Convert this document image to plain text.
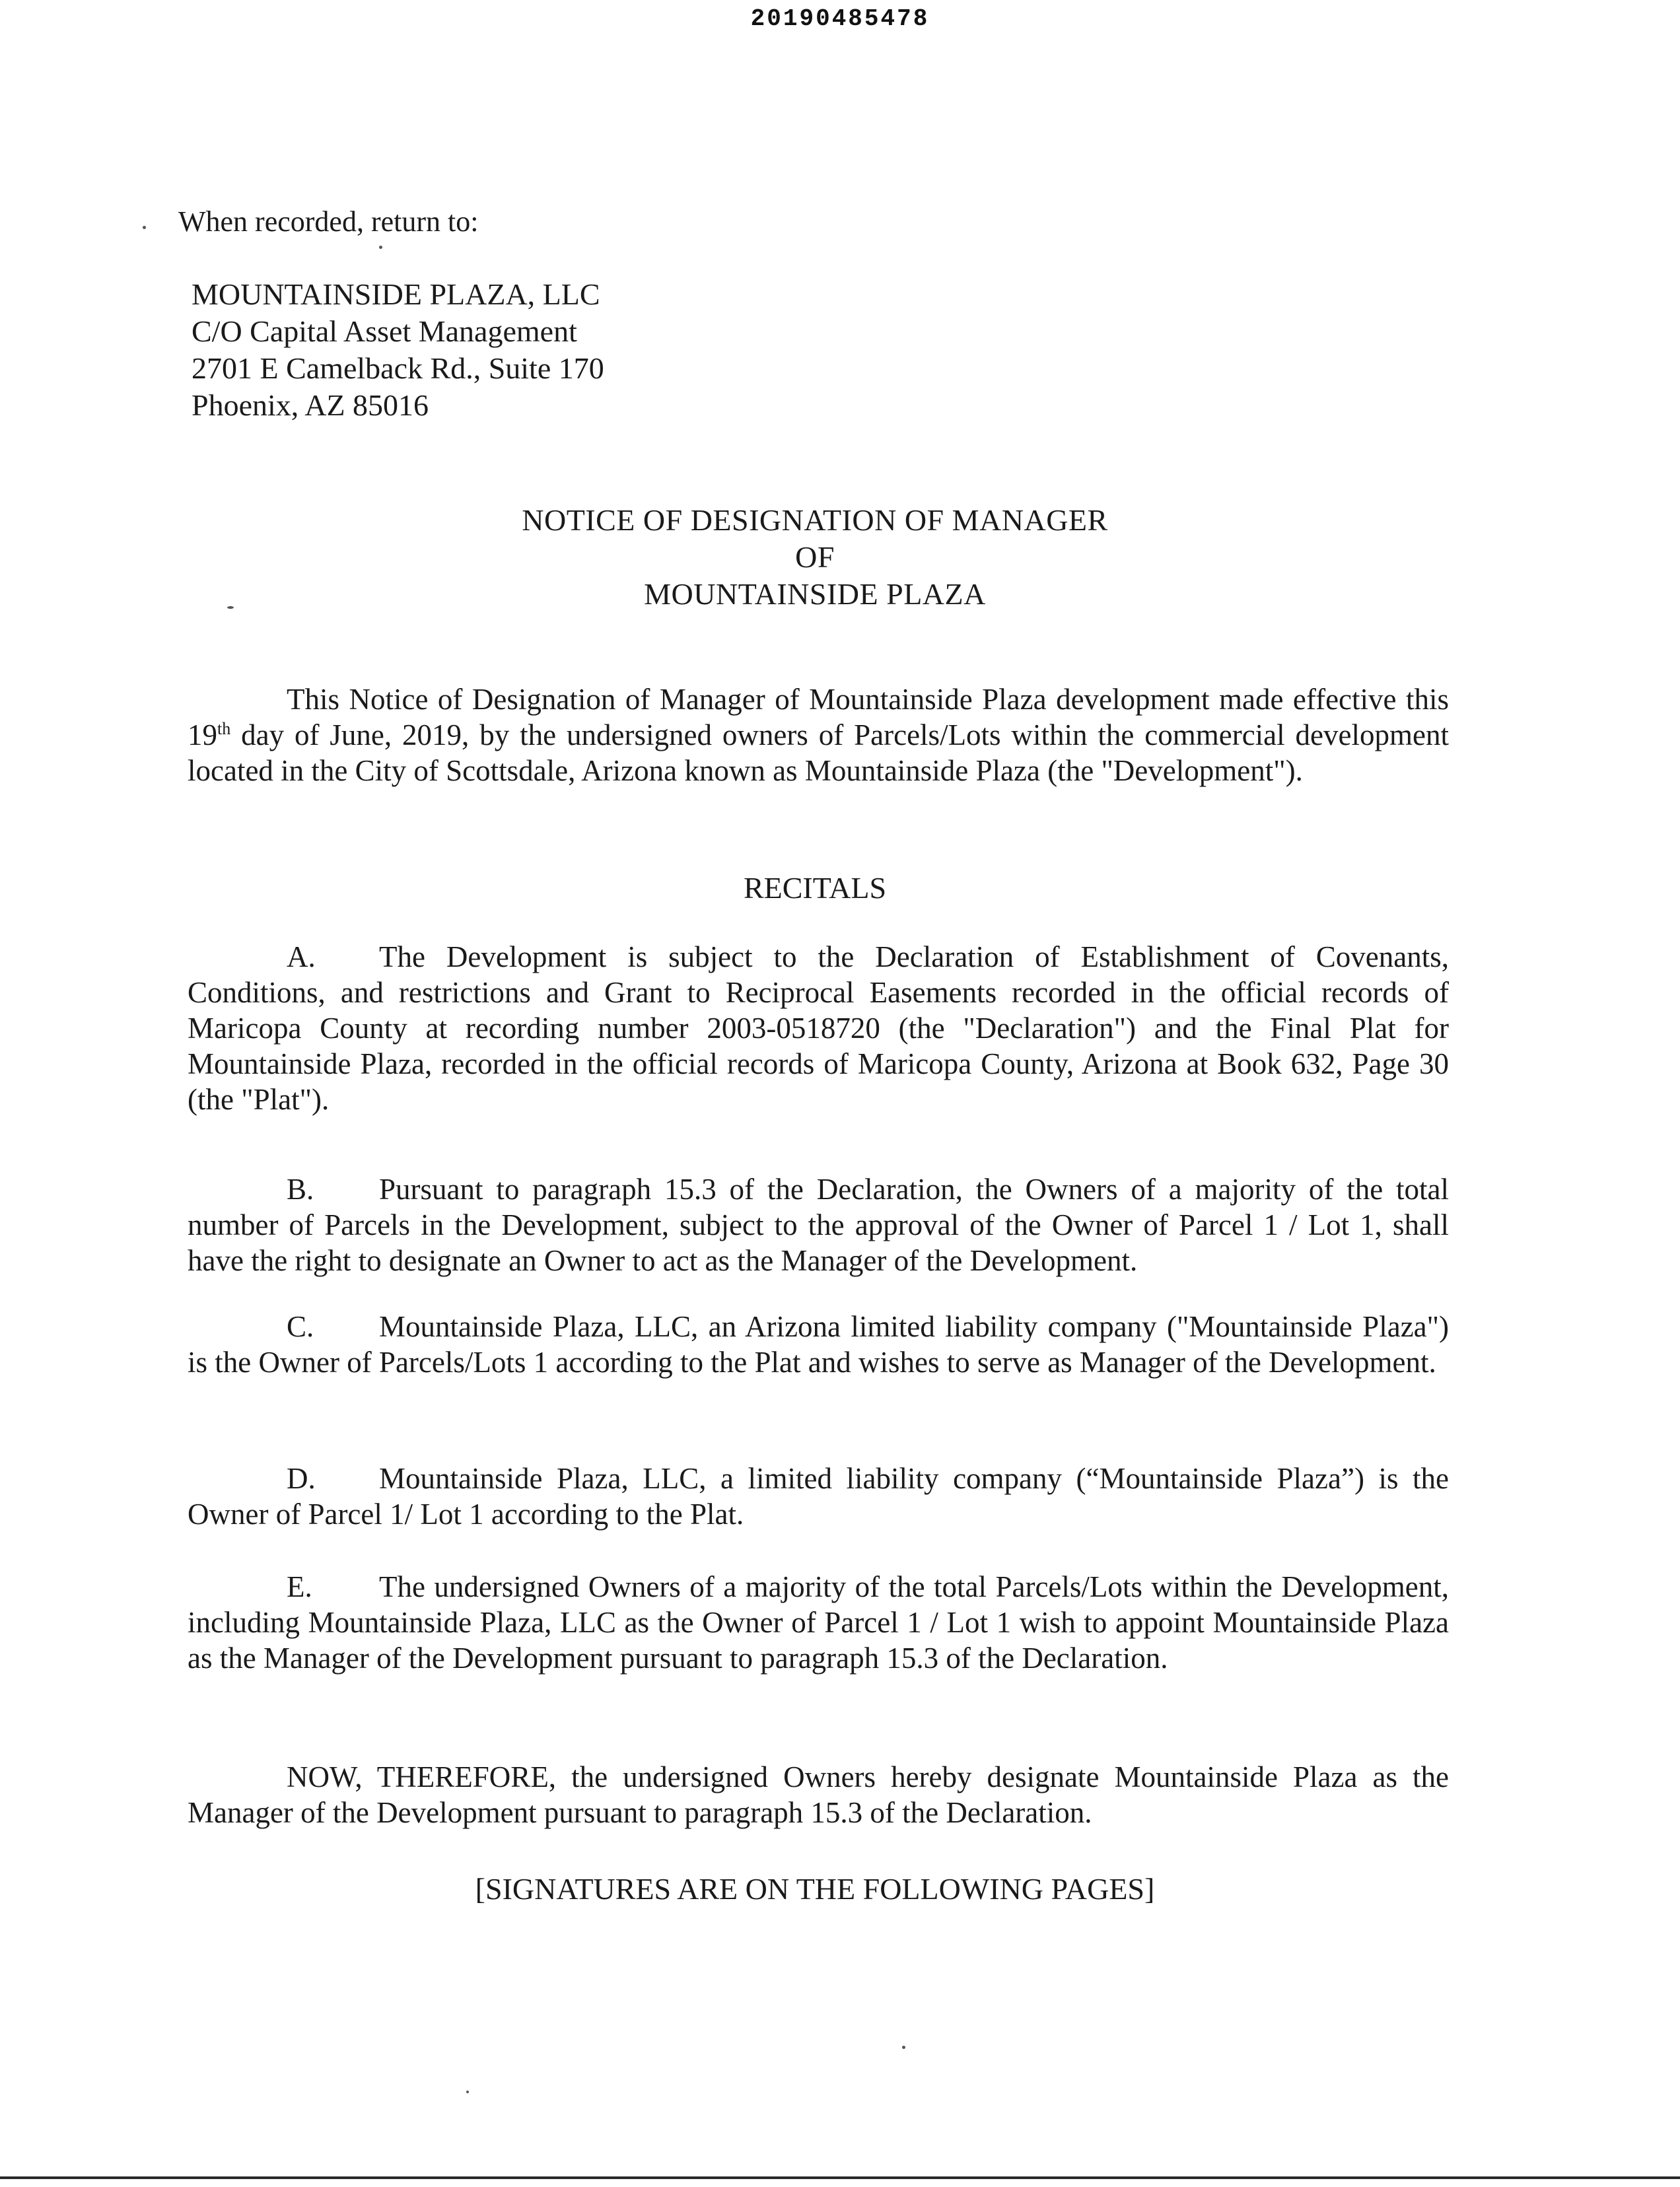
20190485478
When recorded, return to:
MOUNTAINSIDE PLAZA, LLC
C/O Capital Asset Management
2701 E Camelback Rd., Suite 170
Phoenix, AZ 85016
NOTICE OF DESIGNATION OF MANAGER
OF
MOUNTAINSIDE PLAZA
This Notice of Designation of Manager of Mountainside Plaza development made effective this 19th day of June, 2019, by the undersigned owners of Parcels/Lots within the commercial development located in the City of Scottsdale, Arizona known as Mountainside Plaza (the "Development").
RECITALS
A. The Development is subject to the Declaration of Establishment of Covenants, Conditions, and restrictions and Grant to Reciprocal Easements recorded in the official records of Maricopa County at recording number 2003-0518720 (the "Declaration") and the Final Plat for Mountainside Plaza, recorded in the official records of Maricopa County, Arizona at Book 632, Page 30 (the "Plat").
B. Pursuant to paragraph 15.3 of the Declaration, the Owners of a majority of the total number of Parcels in the Development, subject to the approval of the Owner of Parcel 1 / Lot 1, shall have the right to designate an Owner to act as the Manager of the Development.
C. Mountainside Plaza, LLC, an Arizona limited liability company ("Mountainside Plaza") is the Owner of Parcels/Lots 1 according to the Plat and wishes to serve as Manager of the Development.
D. Mountainside Plaza, LLC, a limited liability company (“Mountainside Plaza”) is the Owner of Parcel 1/ Lot 1 according to the Plat.
E. The undersigned Owners of a majority of the total Parcels/Lots within the Development, including Mountainside Plaza, LLC as the Owner of Parcel 1 / Lot 1 wish to appoint Mountainside Plaza as the Manager of the Development pursuant to paragraph 15.3 of the Declaration.
NOW, THEREFORE, the undersigned Owners hereby designate Mountainside Plaza as the Manager of the Development pursuant to paragraph 15.3 of the Declaration.
[SIGNATURES ARE ON THE FOLLOWING PAGES]
